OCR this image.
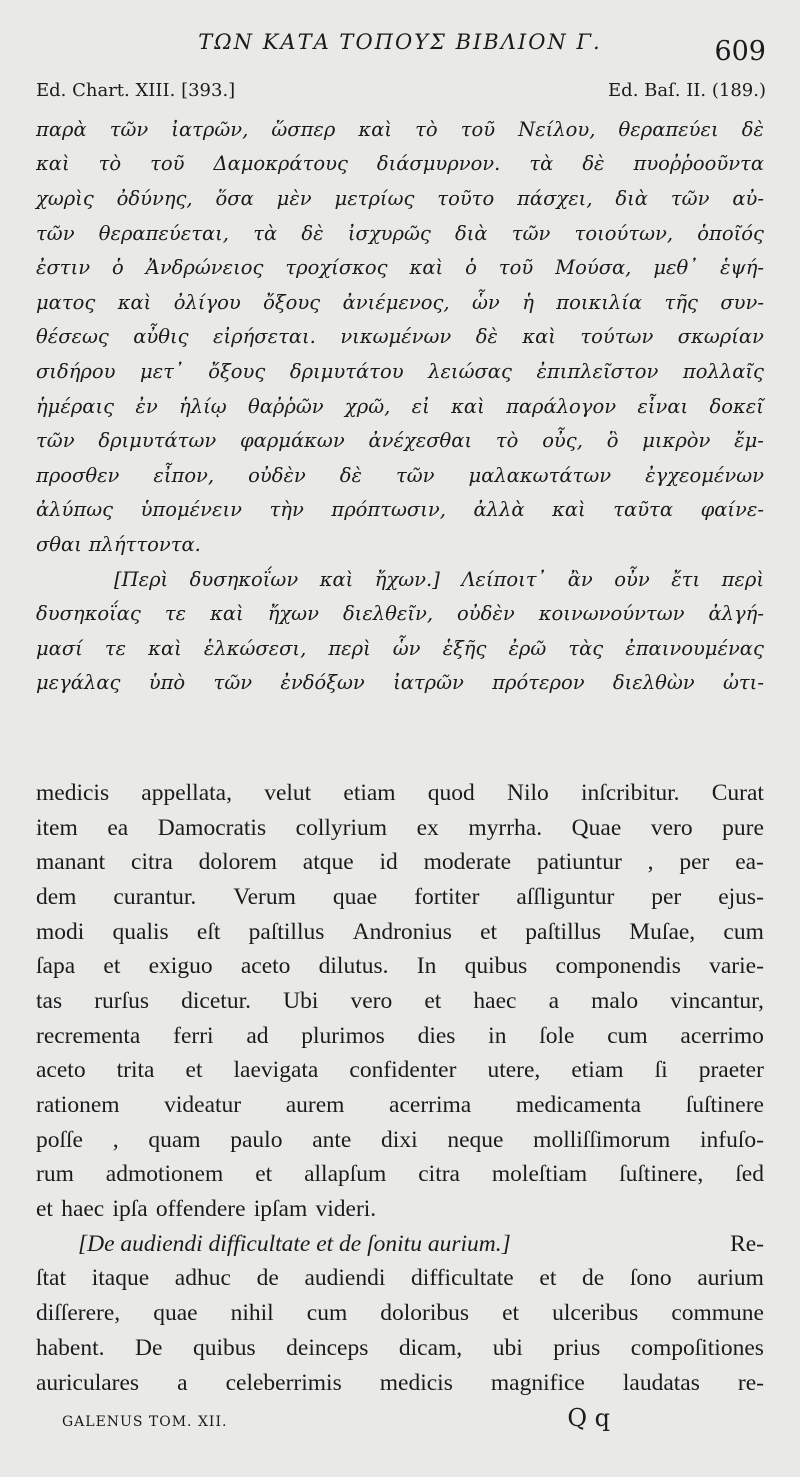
ΤΩΝ ΚΑΤΑ ΤΟΠΟΥΣ ΒΙΒΛΙΟΝ Γ.	609
Ed. Chart. XIII. [393.]	Ed. Baſ. II. (189.)
παρὰ τῶν ἰατρῶν, ὥσπερ καὶ τὸ τοῦ Νείλου, θεραπεύει δὲ
καὶ τὸ τοῦ Δαμοκράτους διάσμυρνον. τὰ δὲ πυοῤῥοοῦντα
χωρὶς ὀδύνης, ὅσα μὲν μετρίως τοῦτο πάσχει, διὰ τῶν αὐ-
τῶν θεραπεύεται, τὰ δὲ ἰσχυρῶς διὰ τῶν τοιούτων, ὁποῖός
ἐστιν ὁ Ἀνδρώνειος τροχίσκος καὶ ὁ τοῦ Μούσα, μεθ᾽ ἑψή-
ματος καὶ ὀλίγου ὄξους ἀνιέμενος, ὧν ἡ ποικιλία τῆς συν-
θέσεως αὖθις εἰρήσεται. νικωμένων δὲ καὶ τούτων σκωρίαν
σιδήρου μετ᾽ ὄξους δριμυτάτου λειώσας ἐπιπλεῖστον πολλαῖς
ἡμέραις ἐν ἡλίῳ θαῤῥῶν χρῶ, εἰ καὶ παράλογον εἶναι δοκεῖ
τῶν δριμυτάτων φαρμάκων ἀνέχεσθαι τὸ οὖς, ὃ μικρὸν ἔμ-
προσθεν εἶπον, οὐδὲν δὲ τῶν μαλακωτάτων ἐγχεομένων
ἀλύπως ὑπομένειν τὴν πρόπτωσιν, ἀλλὰ καὶ ταῦτα φαίνε-
σθαι πλήττοντα.
[Περὶ δυσηκοΐων καὶ ἤχων.] Λείποιτ᾽ ἂν οὖν ἔτι περὶ
δυσηκοΐας τε καὶ ἤχων διελθεῖν, οὐδὲν κοινωνούντων ἀλγή-
μασί τε καὶ ἑλκώσεσι, περὶ ὧν ἑξῆς ἐρῶ τὰς ἐπαινουμένας
μεγάλας ὑπὸ τῶν ἐνδόξων ἰατρῶν πρότερον διελθὼν ὠτι-
medicis appellata, velut etiam quod Nilo inſcribitur. Curat
item ea Damocratis collyrium ex myrrha. Quae vero pure
manant citra dolorem atque id moderate patiuntur , per ea-
dem curantur. Verum quae fortiter aſſliguntur per ejus-
modi qualis eſt paſtillus Andronius et paſtillus Muſae, cum
ſapa et exiguo aceto dilutus. In quibus componendis varie-
tas rurſus dicetur. Ubi vero et haec a malo vincantur,
recrementa ferri ad plurimos dies in ſole cum acerrimo
aceto trita et laevigata confidenter utere, etiam ſi praeter
rationem videatur aurem acerrima medicamenta ſuſtinere
poſſe , quam paulo ante dixi neque molliſſimorum infuſo-
rum admotionem et allapſum citra moleſtiam ſuſtinere, ſed
et haec ipſa offendere ipſam videri.
[De audiendi difficultate et de ſonitu aurium.]	Re-
ſtat itaque adhuc de audiendi difficultate et de ſono aurium
diſſerere, quae nihil cum doloribus et ulceribus commune
habent. De quibus deinceps dicam, ubi prius compoſitiones
auriculares a celeberrimis medicis magnifice laudatas re-
GALENUS TOM. XII.	Q q
